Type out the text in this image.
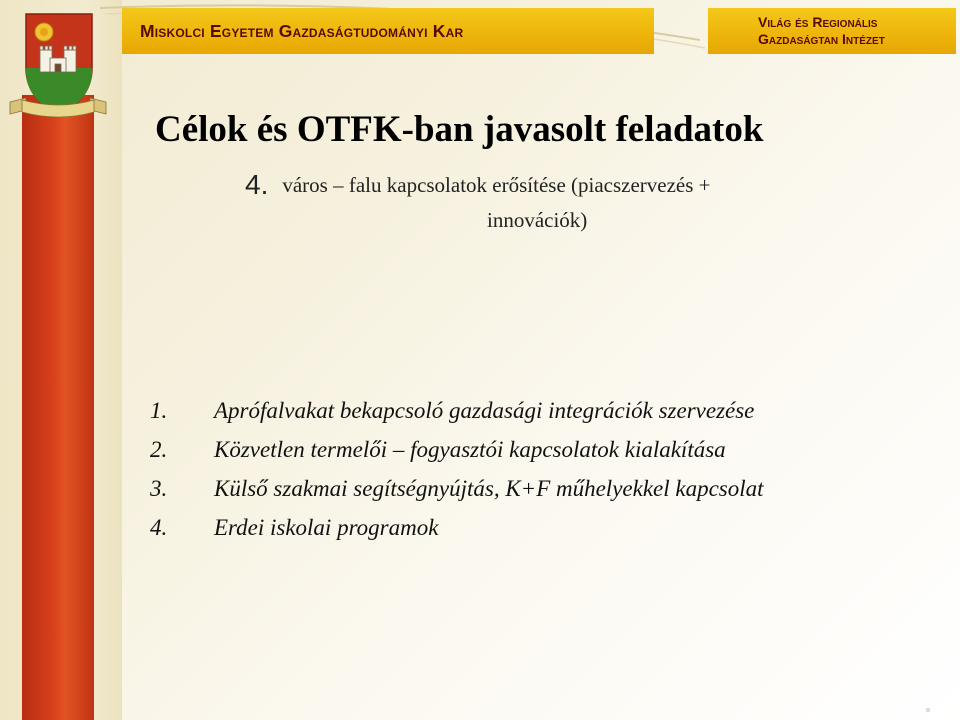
Miskolci Egyetem Gazdaságtudományi Kar	Világ és Regionális
Gazdaságtan Intézet
Célok és OTFK-ban javasolt feladatok
4. város – falu kapcsolatok erősítése (piacszervezés +
innovációk)
1.	Aprófalvakat bekapcsoló gazdasági integrációk szervezése
2.	Közvetlen termelői – fogyasztói kapcsolatok kialakítása
3.	Külső szakmai segítségnyújtás, K+F műhelyekkel kapcsolat
4.	Erdei iskolai programok
